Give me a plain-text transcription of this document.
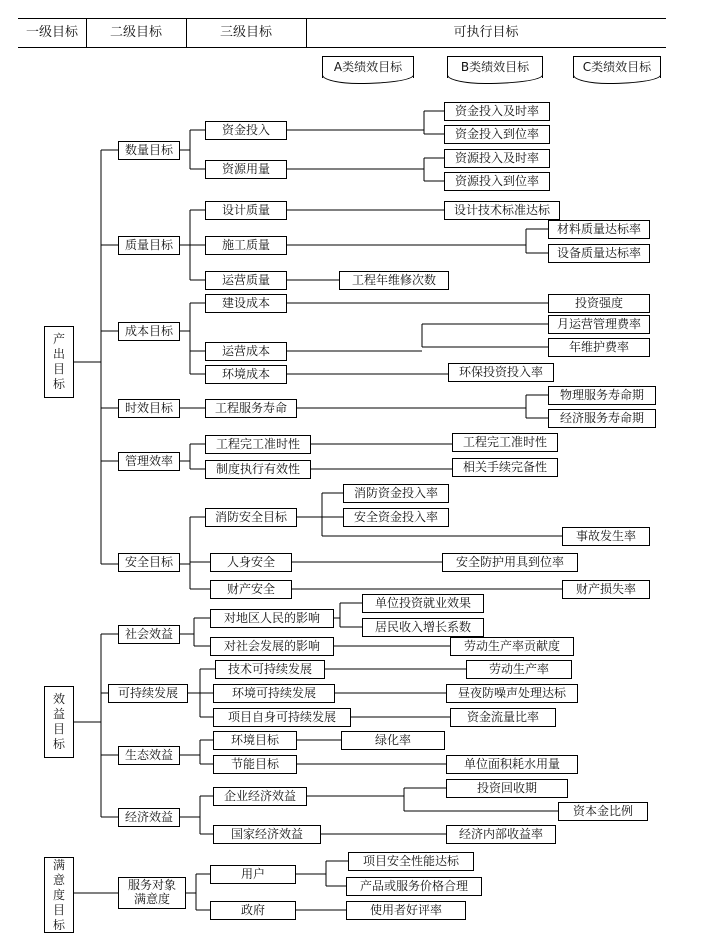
一级目标	二级目标	三级目标	可执行目标
A类绩效目标	B类绩效目标	C类绩效目标
产
出
目
标
效
益
目
标
满
意
度
目
标
数量目标
质量目标
成本目标
时效目标
管理效率
安全目标
社会效益
可持续发展
生态效益
经济效益
服务对象
满意度
资金投入
资源用量
设计质量
施工质量
运营质量
建设成本
运营成本
环境成本
工程服务寿命
工程完工准时性
制度执行有效性
消防安全目标
人身安全
财产安全
对地区人民的影响
对社会发展的影响
技术可持续发展
环境可持续发展
项目自身可持续发展
环境目标
节能目标
企业经济效益
国家经济效益
用户
政府
资金投入及时率
资金投入到位率
资源投入及时率
资源投入到位率
设计技术标准达标
材料质量达标率
设备质量达标率
工程年维修次数
投资强度
月运营管理费率
年维护费率
环保投资投入率
物理服务寿命期
经济服务寿命期
工程完工准时性
相关手续完备性
消防资金投入率
安全资金投入率
事故发生率
安全防护用具到位率
财产损失率
单位投资就业效果
居民收入增长系数
劳动生产率贡献度
劳动生产率
昼夜防噪声处理达标
资金流量比率
绿化率
单位面积耗水用量
投资回收期
资本金比例
经济内部收益率
项目安全性能达标
产品或服务价格合理
使用者好评率
